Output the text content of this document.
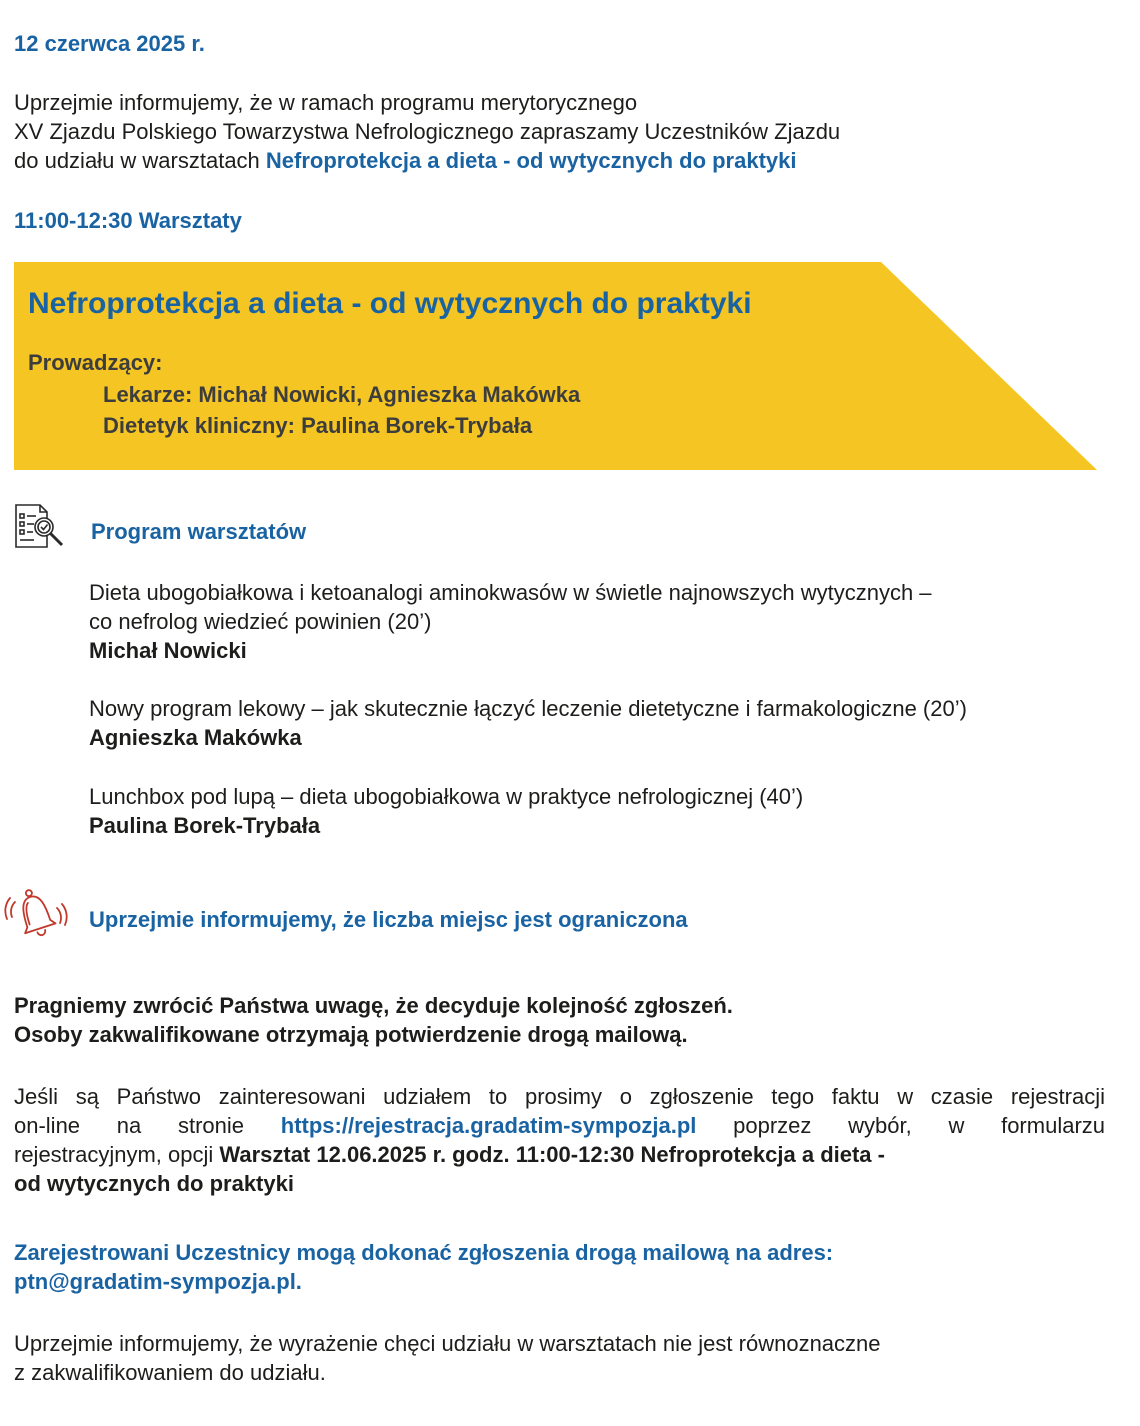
12 czerwca 2025 r.
Uprzejmie informujemy, że w ramach programu merytorycznego
XV Zjazdu Polskiego Towarzystwa Nefrologicznego zapraszamy Uczestników Zjazdu
do udziału w warsztatach Nefroprotekcja a dieta - od wytycznych do praktyki
11:00-12:30 Warsztaty
Nefroprotekcja a dieta - od wytycznych do praktyki
Prowadzący:
Lekarze: Michał Nowicki, Agnieszka Makówka
Dietetyk kliniczny: Paulina Borek-Trybała
Program warsztatów
Dieta ubogobiałkowa i ketoanalogi aminokwasów w świetle najnowszych wytycznych –
co nefrolog wiedzieć powinien (20’)
Michał Nowicki
Nowy program lekowy – jak skutecznie łączyć leczenie dietetyczne i farmakologiczne (20’)
Agnieszka Makówka
Lunchbox pod lupą – dieta ubogobiałkowa w praktyce nefrologicznej (40’)
Paulina Borek-Trybała
Uprzejmie informujemy, że liczba miejsc jest ograniczona
Pragniemy zwrócić Państwa uwagę, że decyduje kolejność zgłoszeń.
Osoby zakwalifikowane otrzymają potwierdzenie drogą mailową.
Jeśli są Państwo zainteresowani udziałem to prosimy o zgłoszenie tego faktu w czasie rejestracji
on-line na stronie https://rejestracja.gradatim-sympozja.pl poprzez wybór, w formularzu
rejestracyjnym, opcji Warsztat 12.06.2025 r. godz. 11:00-12:30 Nefroprotekcja a dieta -
od wytycznych do praktyki
Zarejestrowani Uczestnicy mogą dokonać zgłoszenia drogą mailową na adres:
ptn@gradatim-sympozja.pl.
Uprzejmie informujemy, że wyrażenie chęci udziału w warsztatach nie jest równoznaczne
z zakwalifikowaniem do udziału.
